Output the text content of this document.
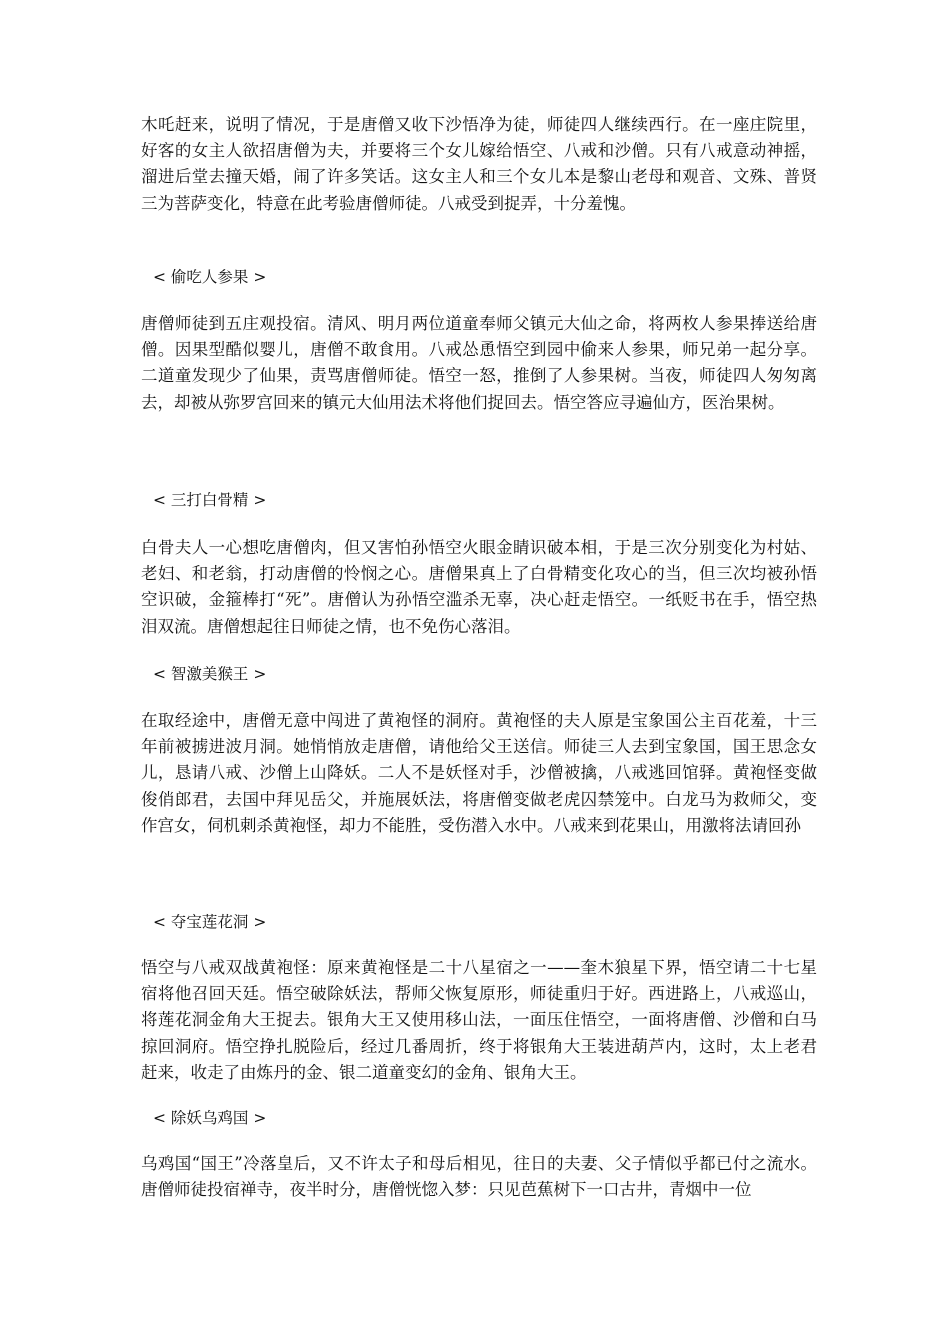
木吒赶来，说明了情况，于是唐僧又收下沙悟净为徒，师徒四人继续西行。在一座庄院里，好客的女主人欲招唐僧为夫，并要将三个女儿嫁给悟空、八戒和沙僧。只有八戒意动神摇，溜进后堂去撞天婚，闹了许多笑话。这女主人和三个女儿本是黎山老母和观音、文殊、普贤三为菩萨变化，特意在此考验唐僧师徒。八戒受到捉弄，十分羞愧。

< 偷吃人参果 >

唐僧师徒到五庄观投宿。清风、明月两位道童奉师父镇元大仙之命，将两枚人参果捧送给唐僧。因果型酷似婴儿，唐僧不敢食用。八戒怂恿悟空到园中偷来人参果，师兄弟一起分享。二道童发现少了仙果，责骂唐僧师徒。悟空一怒，推倒了人参果树。当夜，师徒四人匆匆离去，却被从弥罗宫回来的镇元大仙用法术将他们捉回去。悟空答应寻遍仙方，医治果树。

< 三打白骨精 >

白骨夫人一心想吃唐僧肉，但又害怕孙悟空火眼金睛识破本相，于是三次分别变化为村姑、老妇、和老翁，打动唐僧的怜悯之心。唐僧果真上了白骨精变化攻心的当，但三次均被孙悟空识破，金箍棒打“死”。唐僧认为孙悟空滥杀无辜，决心赶走悟空。一纸贬书在手，悟空热泪双流。唐僧想起往日师徒之情，也不免伤心落泪。

< 智激美猴王 >

在取经途中，唐僧无意中闯进了黄袍怪的洞府。黄袍怪的夫人原是宝象国公主百花羞，十三年前被掳进波月洞。她悄悄放走唐僧，请他给父王送信。师徒三人去到宝象国，国王思念女儿，恳请八戒、沙僧上山降妖。二人不是妖怪对手，沙僧被擒，八戒逃回馆驿。黄袍怪变做俊俏郎君，去国中拜见岳父，并施展妖法，将唐僧变做老虎囚禁笼中。白龙马为救师父，变作宫女，伺机刺杀黄袍怪，却力不能胜，受伤潜入水中。八戒来到花果山，用激将法请回孙

< 夺宝莲花洞 >

悟空与八戒双战黄袍怪：原来黄袍怪是二十八星宿之一——奎木狼星下界，悟空请二十七星宿将他召回天廷。悟空破除妖法，帮师父恢复原形，师徒重归于好。西进路上，八戒巡山，将莲花洞金角大王捉去。银角大王又使用移山法，一面压住悟空，一面将唐僧、沙僧和白马掠回洞府。悟空挣扎脱险后，经过几番周折，终于将银角大王装进葫芦内，这时，太上老君赶来，收走了由炼丹的金、银二道童变幻的金角、银角大王。

< 除妖乌鸡国 >

乌鸡国“国王”冷落皇后，又不许太子和母后相见，往日的夫妻、父子情似乎都已付之流水。唐僧师徒投宿禅寺，夜半时分，唐僧恍惚入梦：只见芭蕉树下一口古井，青烟中一位
